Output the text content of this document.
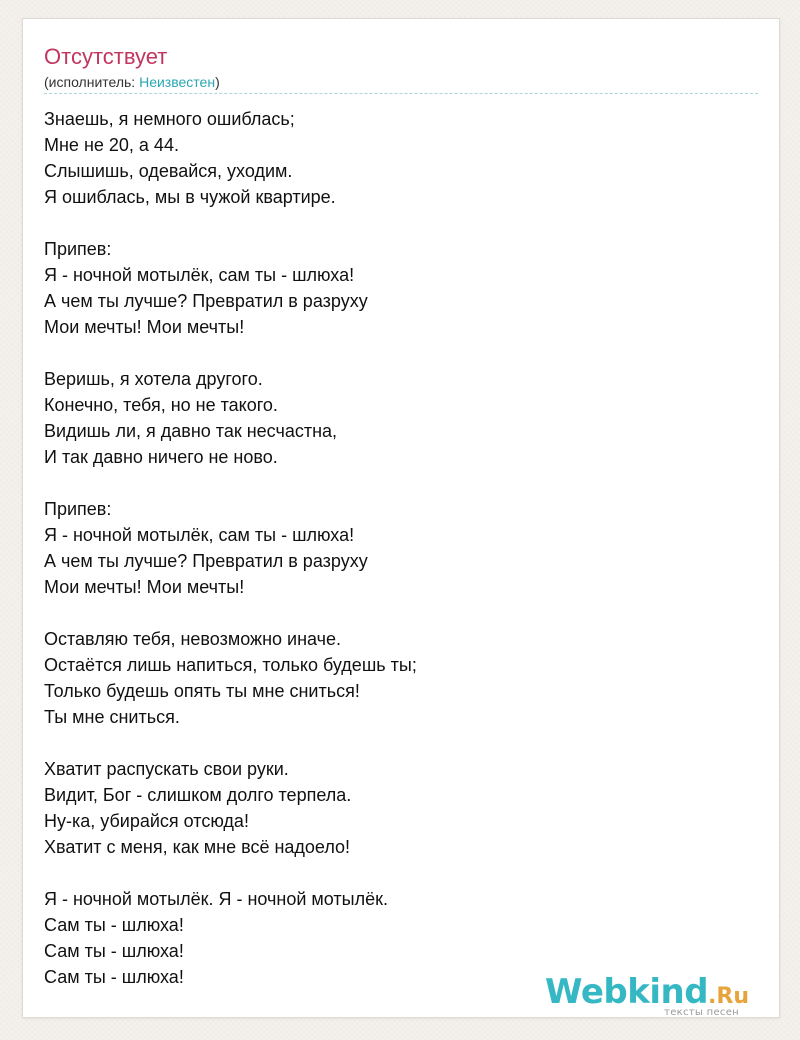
Отсутствует
(исполнитель: Неизвестен)
Знаешь, я немного ошиблась;
Мне не 20, а 44.
Слышишь, одевайся, уходим.
Я ошиблась, мы в чужой квартире.
Припев:
Я - ночной мотылёк, сам ты - шлюха!
А чем ты лучше? Превратил в разруху
Мои мечты! Мои мечты!
Веришь, я хотела другого.
Конечно, тебя, но не такого.
Видишь ли, я давно так несчастна,
И так давно ничего не ново.
Припев:
Я - ночной мотылёк, сам ты - шлюха!
А чем ты лучше? Превратил в разруху
Мои мечты! Мои мечты!
Оставляю тебя, невозможно иначе.
Остаётся лишь напиться, только будешь ты;
Только будешь опять ты мне сниться!
Ты мне сниться.
Хватит распускать свои руки.
Видит, Бог - слишком долго терпела.
Ну-ка, убирайся отсюда!
Хватит с меня, как мне всё надоело!
Я - ночной мотылёк. Я - ночной мотылёк.
Сам ты - шлюха!
Сам ты - шлюха!
Сам ты - шлюха!	Webkind.Ru
тексты песен
